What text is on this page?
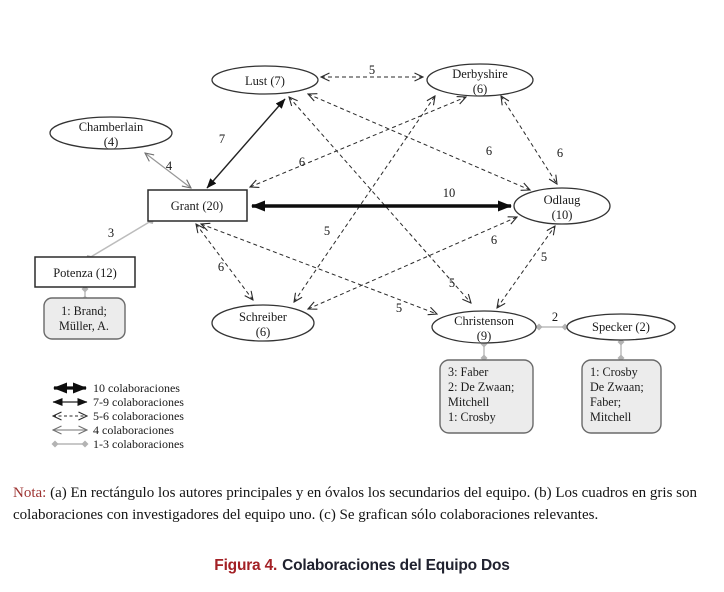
5
7
4	6
6	6
10
3	5
6
6
5
5
5
2
Chamberlain
(4)
Lust (7)	Derbyshire
(6)
Grant (20)	Odlaug
(10)
Potenza (12)
Schreiber
(6)
Christenson
(9)
Specker (2)
1: Brand;
Müller, A.
3: Faber
2: De Zwaan;
Mitchell
1: Crosby
1: Crosby
De Zwaan;
Faber;
Mitchell
10 colaboraciones
7-9 colaboraciones
5-6 colaboraciones
4 colaboraciones
1-3 colaboraciones
Nota: (a) En rectángulo los autores principales y en óvalos los secundarios del equipo. (b) Los cuadros en gris son colaboraciones con investigadores del equipo uno. (c) Se grafican sólo colaboraciones relevantes.
Figura 4. Colaboraciones del Equipo Dos
